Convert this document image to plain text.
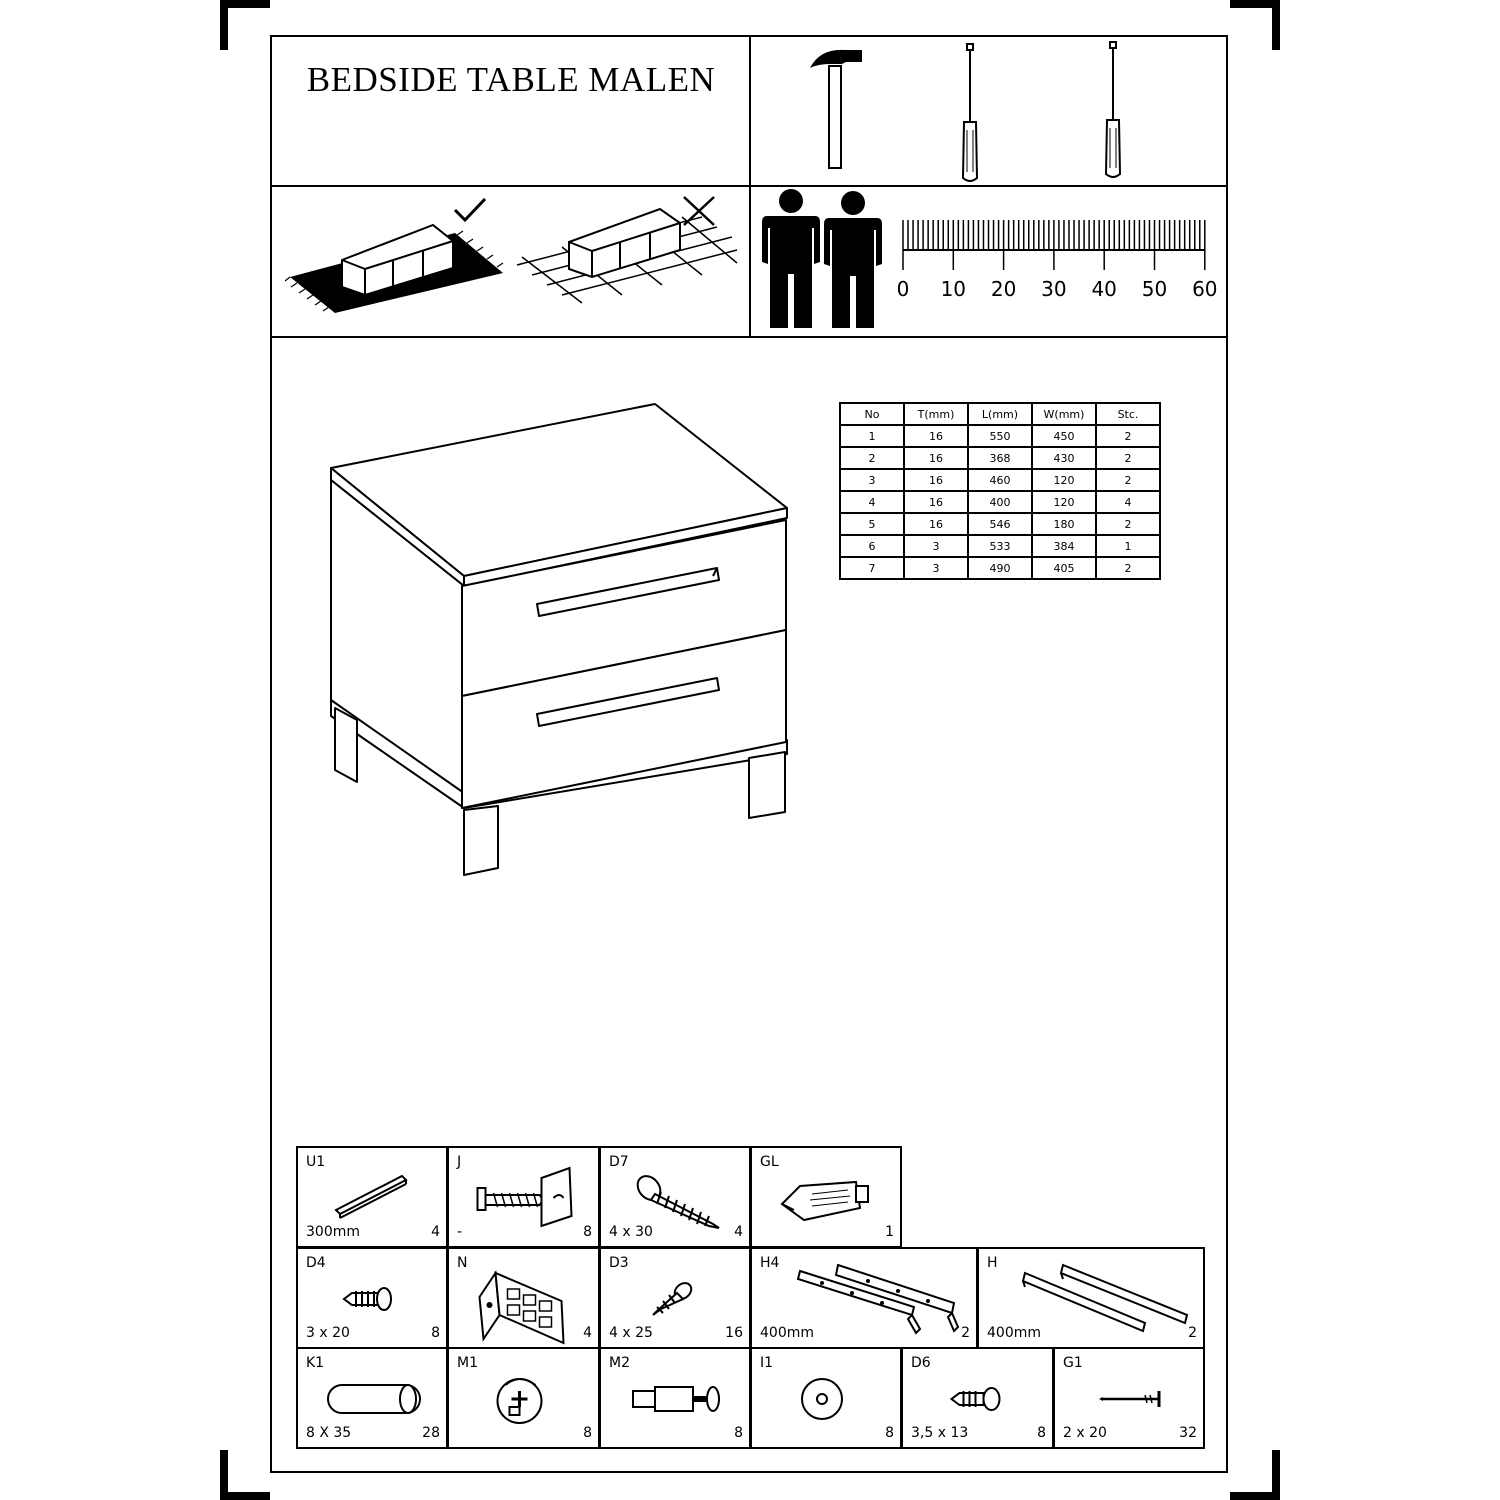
BEDSIDE TABLE MALEN
0 10 20 30 40 50 60
No	T(mm)	L(mm)	W(mm)	Stc.
1	16	550	450	2
2	16	368	430	2
3	16	460	120	2
4	16	400	120	4
5	16	546	180	2
6	3	533	384	1
7	3	490	405	2
U1
300mm	4
J
-	8
D7
4 x 30	4
GL
1
D4
3 x 20	8
N
4
D3
4 x 25	16
H4
400mm	2
H
400mm	2
K1
8 X 35	28
M1
8
M2
8
I1
8
D6
3,5 x 13	8
G1
2 x 20	32
